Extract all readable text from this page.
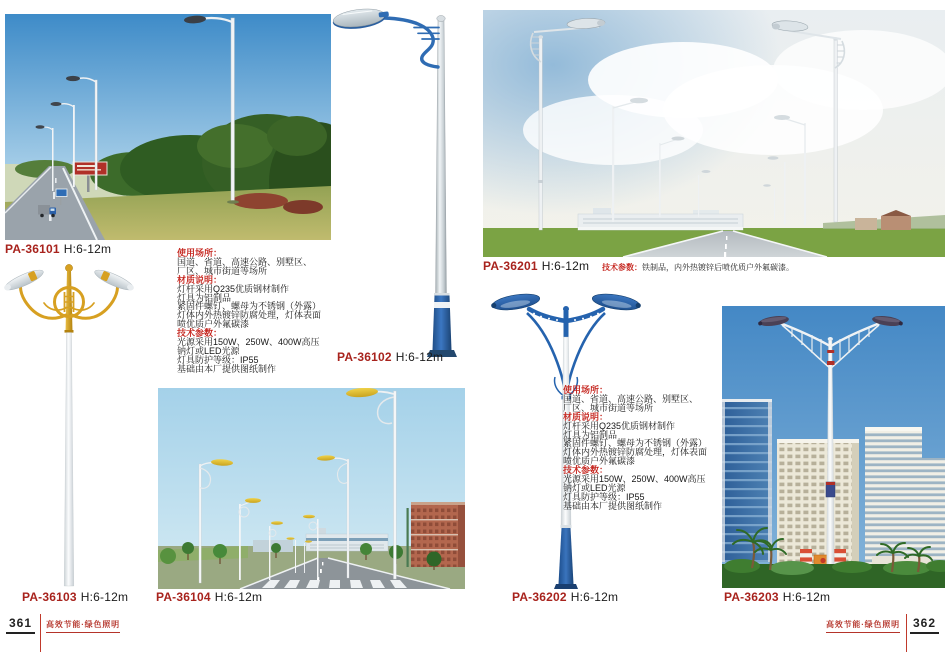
PA-36101 H:6-12m	使用场所：
国道、省道、高速公路、别墅区、
厂区、城市街道等场所
材质说明：
灯杆采用Q235优质钢材制作
灯具为铝制品
紧固件螺钉、螺母为不锈钢（外露）
灯体内外热镀锌防腐处理，灯体表面
喷优质户外氟碳漆
技术参数：
光源采用150W、250W、400W高压
钠灯或LED光源
灯具防护等级：IP55
基础由本厂提供图纸制作
PA-36102 H:6-12m
PA-36201 H:6-12m 技术参数：铁制品，内外热镀锌后喷优质户外氟碳漆。
PA-36103 H:6-12m PA-36104 H:6-12m	PA-36202 H:6-12m
使用场所：
国道、省道、高速公路、别墅区、
厂区、城市街道等场所
材质说明：
灯杆采用Q235优质钢材制作
灯具为铝制品
紧固件螺钉、螺母为不锈钢（外露）
灯体内外热镀锌防腐处理，灯体表面
喷优质户外氟碳漆
技术参数：
光源采用150W、250W、400W高压
钠灯或LED光源
灯具防护等级：IP55
基础由本厂提供图纸制作
PA-36203 H:6-12m
361	高效节能·绿色照明	高效节能·绿色照明 362
